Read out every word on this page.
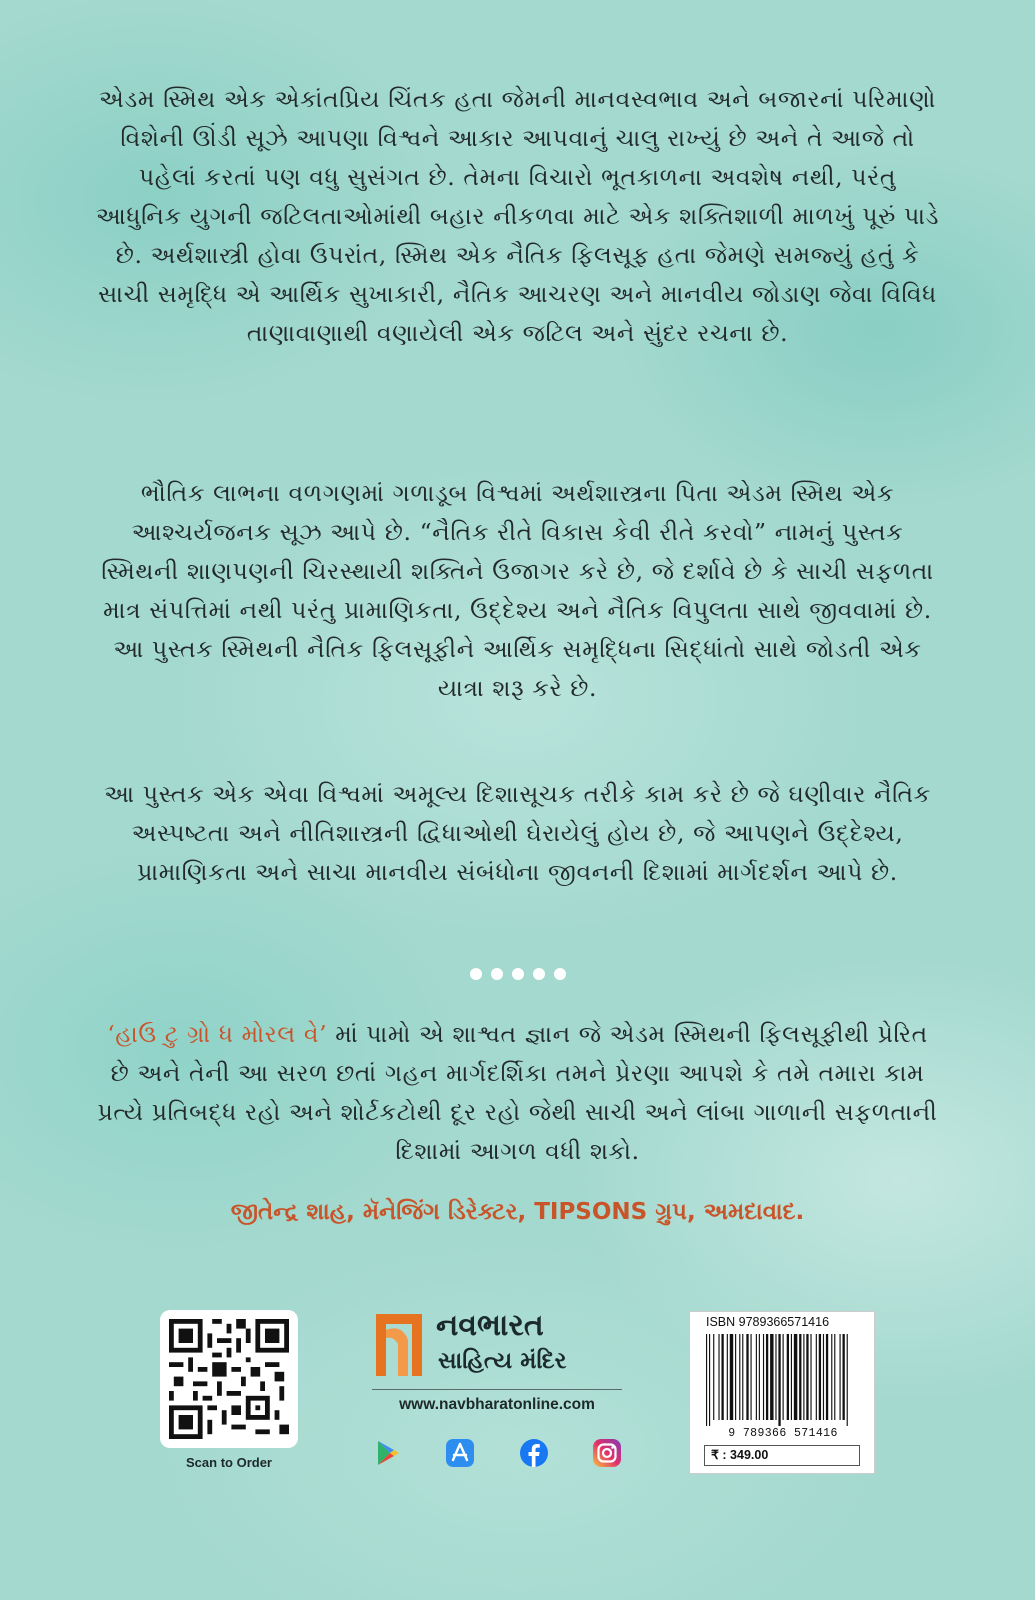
એડમ સ્મિથ એક એકાંતપ્રિય ચિંતક હતા જેમની માનવસ્વભાવ અને બજારનાં પરિમાણો વિશેની ઊંડી સૂઝે આપણા વિશ્વને આકાર આપવાનું ચાલુ રાખ્યું છે અને તે આજે તો પહેલાં કરતાં પણ વધુ સુસંગત છે. તેમના વિચારો ભૂતકાળના અવશેષ નથી, પરંતુ આધુનિક યુગની જટિલતાઓમાંથી બહાર નીકળવા માટે એક શક્તિશાળી માળખું પૂરું પાડે છે. અર્થશાસ્ત્રી હોવા ઉપરાંત, સ્મિથ એક નૈતિક ફિલસૂફ હતા જેમણે સમજ્યું હતું કે સાચી સમૃદ્ધિ એ આર્થિક સુખાકારી, નૈતિક આચરણ અને માનવીય જોડાણ જેવા વિવિધ તાણાવાણાથી વણાયેલી એક જટિલ અને સુંદર રચના છે.
ભૌતિક લાભના વળગણમાં ગળાડૂબ વિશ્વમાં અર્થશાસ્ત્રના પિતા એડમ સ્મિથ એક આશ્ચર્યજનક સૂઝ આપે છે. “નૈતિક રીતે વિકાસ કેવી રીતે કરવો” નામનું પુસ્તક સ્મિથની શાણપણની ચિરસ્થાયી શક્તિને ઉજાગર કરે છે, જે દર્શાવે છે કે સાચી સફળતા માત્ર સંપત્તિમાં નથી પરંતુ પ્રામાણિકતા, ઉદ્દેશ્ય અને નૈતિક વિપુલતા સાથે જીવવામાં છે. આ પુસ્તક સ્મિથની નૈતિક ફિલસૂફીને આર્થિક સમૃદ્ધિના સિદ્ધાંતો સાથે જોડતી એક યાત્રા શરૂ કરે છે.
આ પુસ્તક એક એવા વિશ્વમાં અમૂલ્ય દિશાસૂચક તરીકે કામ કરે છે જે ઘણીવાર નૈતિક અસ્પષ્ટતા અને નીતિશાસ્ત્રની દ્વિધાઓથી ઘેરાયેલું હોય છે, જે આપણને ઉદ્દેશ્ય, પ્રામાણિકતા અને સાચા માનવીય સંબંધોના જીવનની દિશામાં માર્ગદર્શન આપે છે.
‘હાઉ ટુ ગ્રો ધ મોરલ વે’ માં પામો એ શાશ્વત જ્ઞાન જે એડમ સ્મિથની ફિલસૂફીથી પ્રેરિત છે અને તેની આ સરળ છતાં ગહન માર્ગદર્શિકા તમને પ્રેરણા આપશે કે તમે તમારા કામ પ્રત્યે પ્રતિબદ્ધ રહો અને શોર્ટકટોથી દૂર રહો જેથી સાચી અને લાંબા ગાળાની સફળતાની દિશામાં આગળ વધી શકો.
જીતેન્દ્ર શાહ, મૅનેજિંગ ડિરેક્ટર, TIPSONS ગ્રુપ, અમદાવાદ.
Scan to Order
નવભારત
સાહિત્ય મંદિર
www.navbharatonline.com
ISBN 9789366571416
9 789366 571416
₹ : 349.00
